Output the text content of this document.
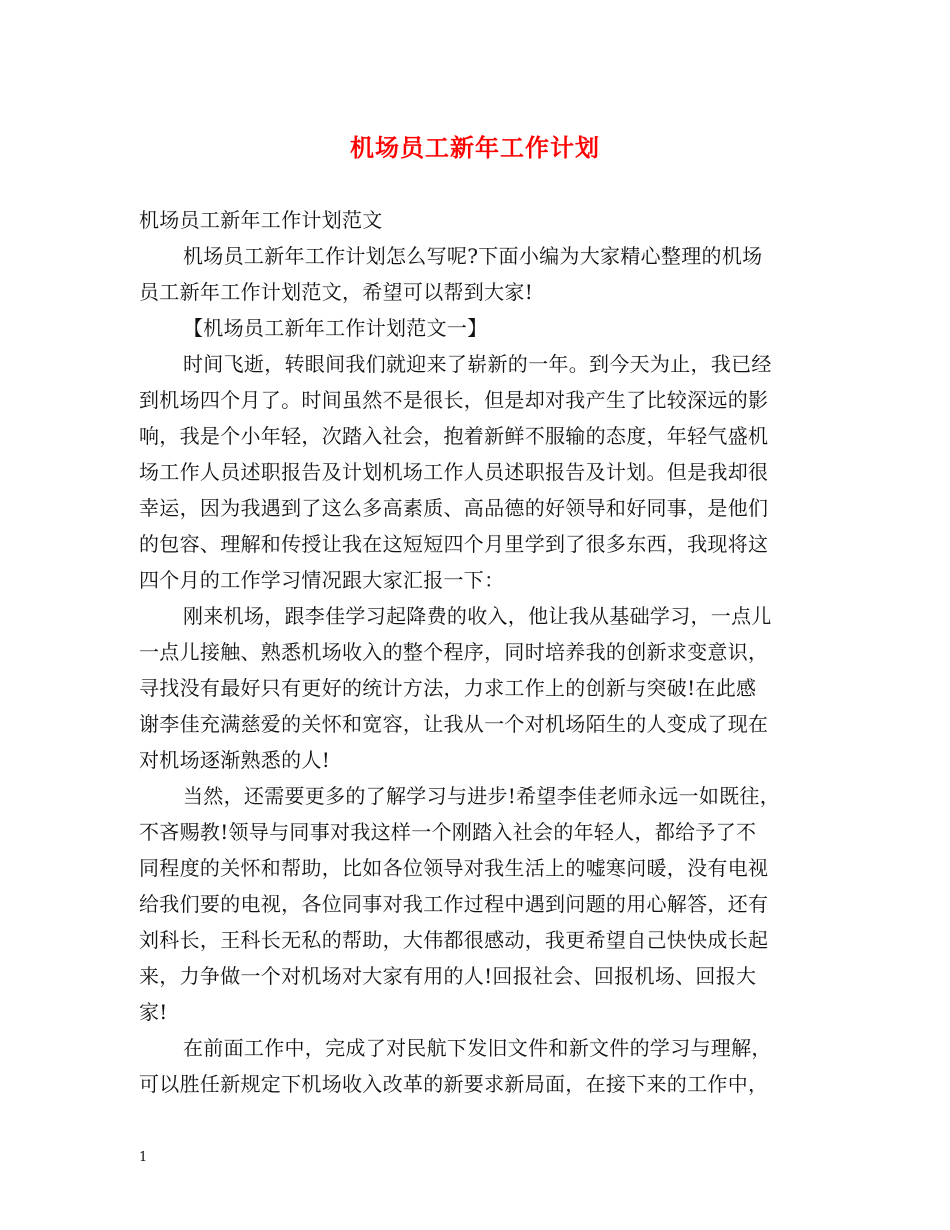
机场员工新年工作计划
机场员工新年工作计划范文
机场员工新年工作计划怎么写呢?下面小编为大家精心整理的机场
员工新年工作计划范文，希望可以帮到大家!
【机场员工新年工作计划范文一】
时间飞逝，转眼间我们就迎来了崭新的一年。到今天为止，我已经
到机场四个月了。时间虽然不是很长，但是却对我产生了比较深远的影
响，我是个小年轻，次踏入社会，抱着新鲜不服输的态度，年轻气盛机
场工作人员述职报告及计划机场工作人员述职报告及计划。但是我却很
幸运，因为我遇到了这么多高素质、高品德的好领导和好同事，是他们
的包容、理解和传授让我在这短短四个月里学到了很多东西，我现将这
四个月的工作学习情况跟大家汇报一下：
刚来机场，跟李佳学习起降费的收入，他让我从基础学习，一点儿
一点儿接触、熟悉机场收入的整个程序，同时培养我的创新求变意识，
寻找没有最好只有更好的统计方法，力求工作上的创新与突破!在此感
谢李佳充满慈爱的关怀和宽容，让我从一个对机场陌生的人变成了现在
对机场逐渐熟悉的人!
当然，还需要更多的了解学习与进步!希望李佳老师永远一如既往，
不吝赐教!领导与同事对我这样一个刚踏入社会的年轻人，都给予了不
同程度的关怀和帮助，比如各位领导对我生活上的嘘寒问暖，没有电视
给我们要的电视，各位同事对我工作过程中遇到问题的用心解答，还有
刘科长，王科长无私的帮助，大伟都很感动，我更希望自己快快成长起
来，力争做一个对机场对大家有用的人!回报社会、回报机场、回报大
家!
在前面工作中，完成了对民航下发旧文件和新文件的学习与理解，
可以胜任新规定下机场收入改革的新要求新局面，在接下来的工作中，
1
